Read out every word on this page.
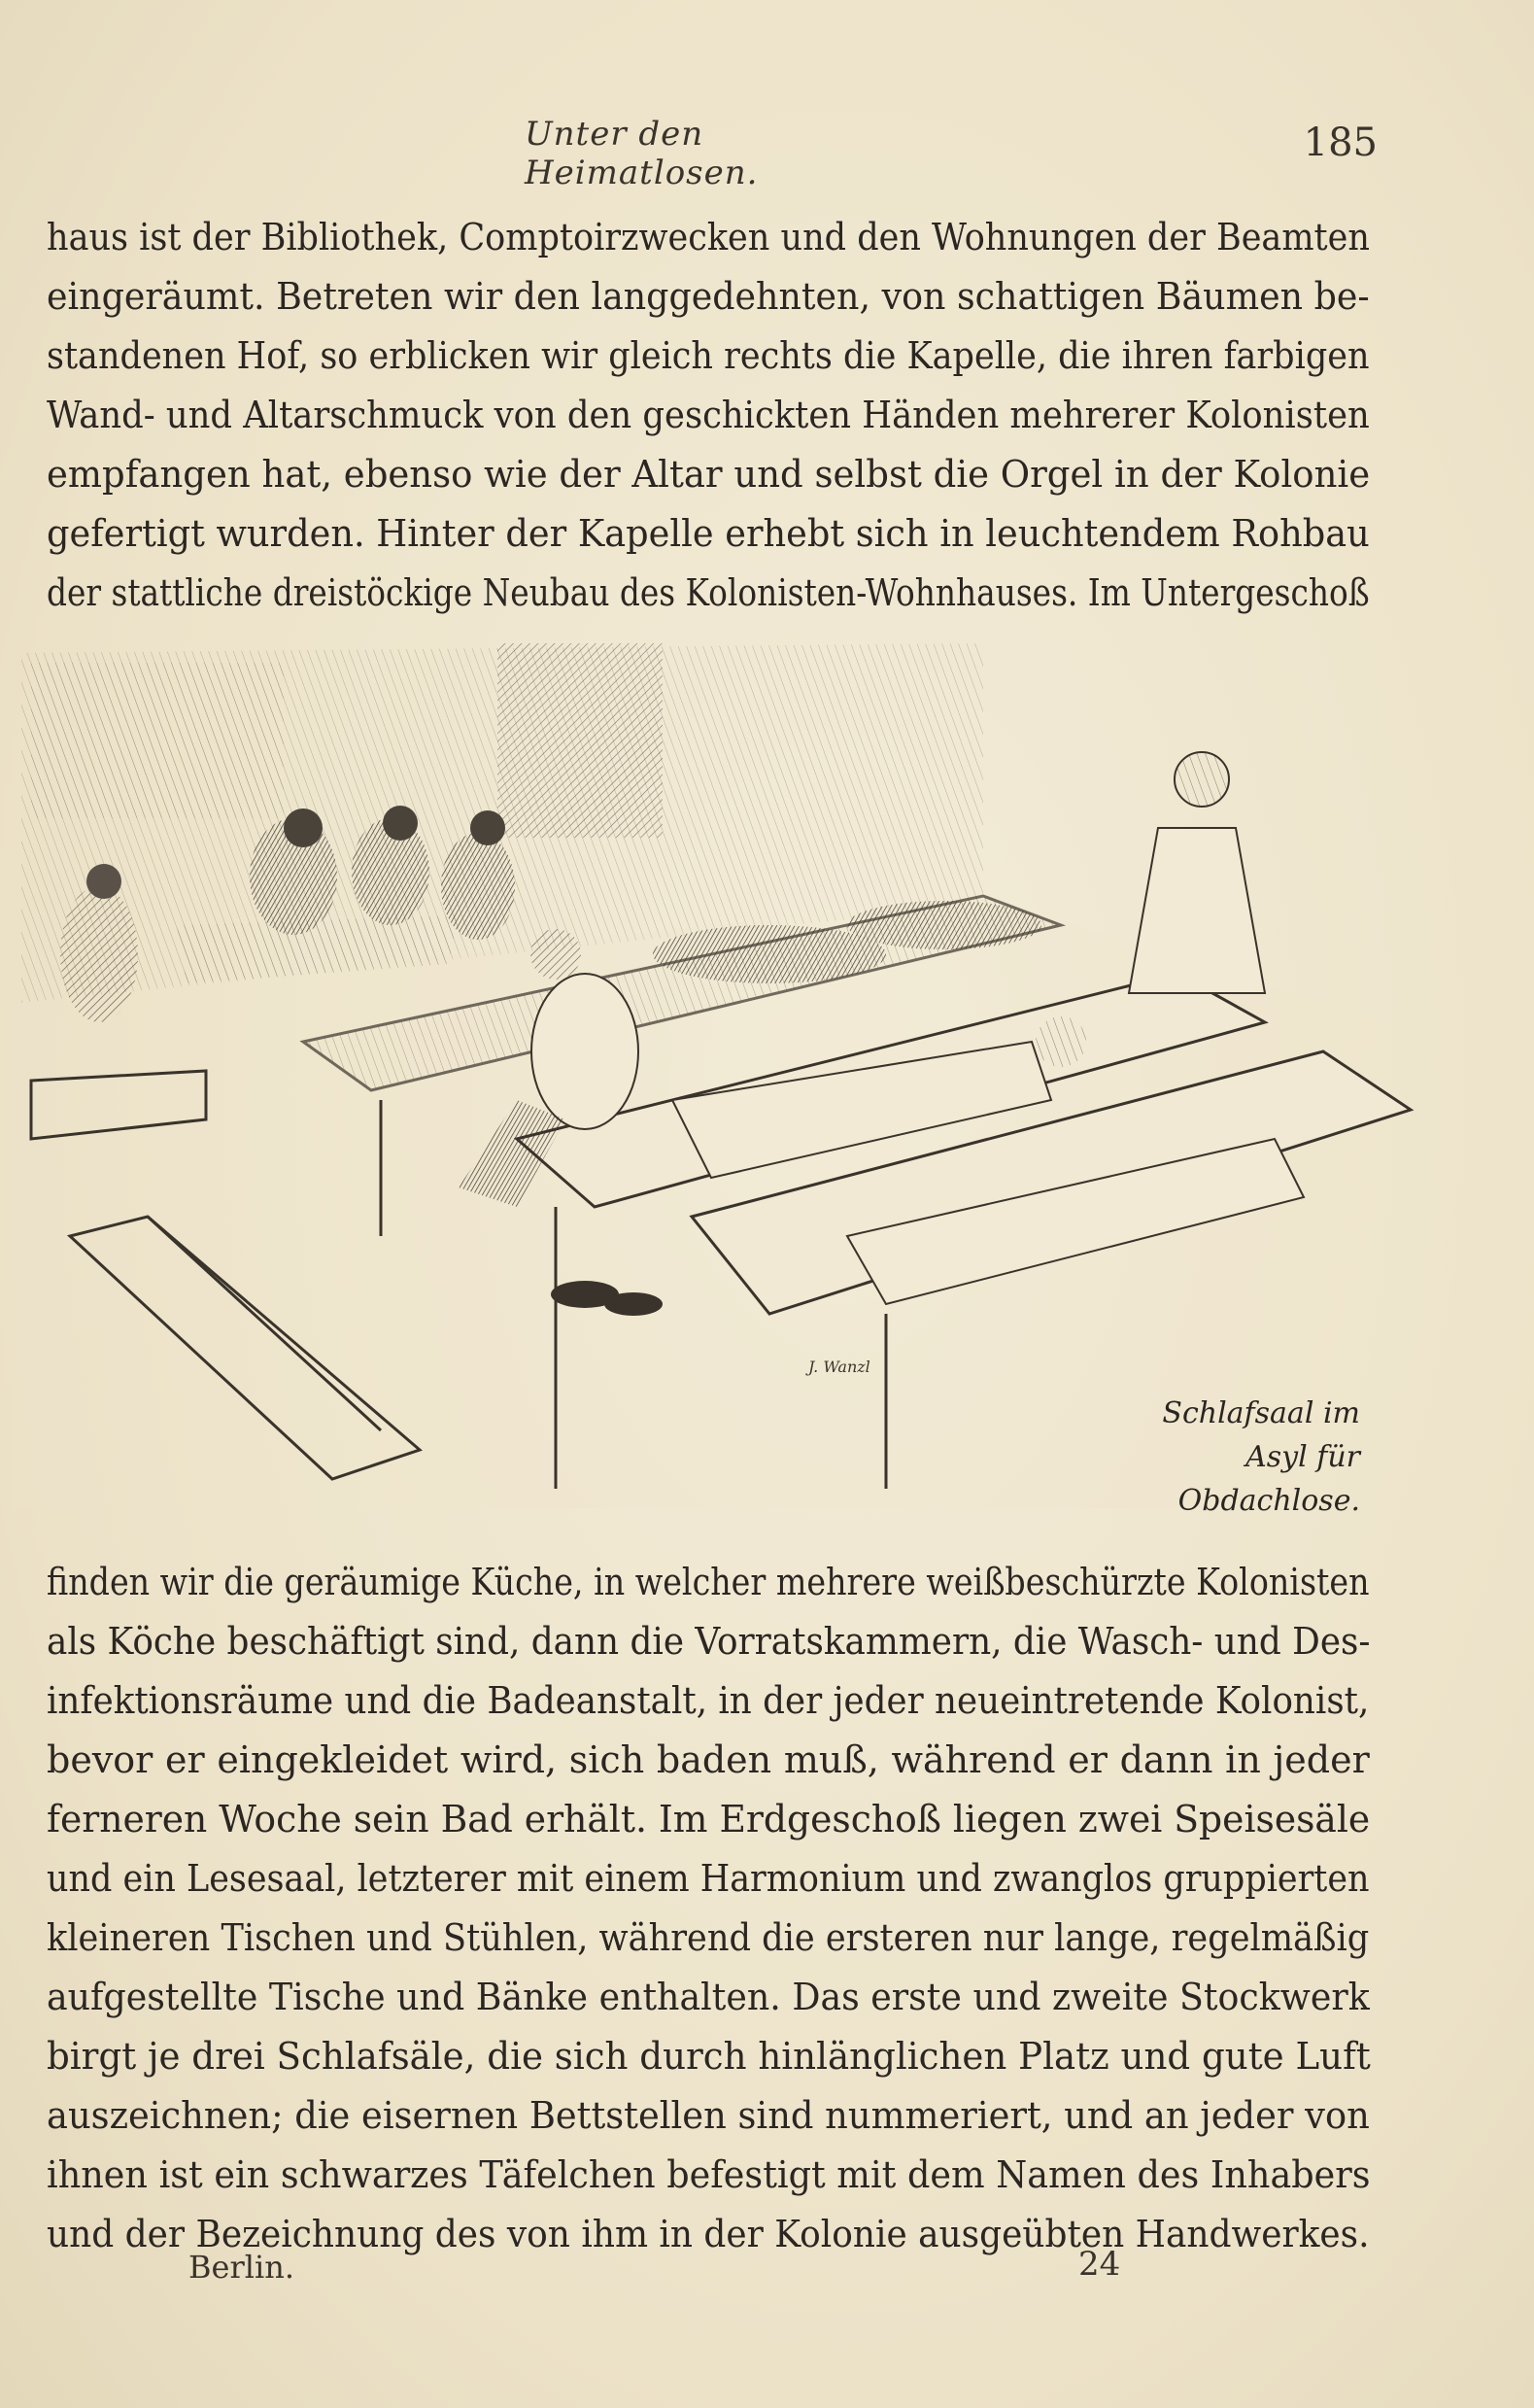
Unter den Heimatlosen.
185
haus ist der Bibliothek, Comptoirzwecken und den Wohnungen der Beamten
eingeräumt. Betreten wir den langgedehnten, von schattigen Bäumen be-
standenen Hof, so erblicken wir gleich rechts die Kapelle, die ihren farbigen
Wand- und Altarschmuck von den geschickten Händen mehrerer Kolonisten
empfangen hat, ebenso wie der Altar und selbst die Orgel in der Kolonie
gefertigt wurden. Hinter der Kapelle erhebt sich in leuchtendem Rohbau
der stattliche dreistöckige Neubau des Kolonisten-Wohnhauses. Im Untergeschoß
J. Wanzl
Schlafsaal im
Asyl für
Obdachlose.
finden wir die geräumige Küche, in welcher mehrere weißbeschürzte Kolonisten
als Köche beschäftigt sind, dann die Vorratskammern, die Wasch- und Des-
infektionsräume und die Badeanstalt, in der jeder neueintretende Kolonist,
bevor er eingekleidet wird, sich baden muß, während er dann in jeder
ferneren Woche sein Bad erhält. Im Erdgeschoß liegen zwei Speisesäle
und ein Lesesaal, letzterer mit einem Harmonium und zwanglos gruppierten
kleineren Tischen und Stühlen, während die ersteren nur lange, regelmäßig
aufgestellte Tische und Bänke enthalten. Das erste und zweite Stockwerk
birgt je drei Schlafsäle, die sich durch hinlänglichen Platz und gute Luft
auszeichnen; die eisernen Bettstellen sind nummeriert, und an jeder von
ihnen ist ein schwarzes Täfelchen befestigt mit dem Namen des Inhabers
und der Bezeichnung des von ihm in der Kolonie ausgeübten Handwerkes.
Berlin.	24
